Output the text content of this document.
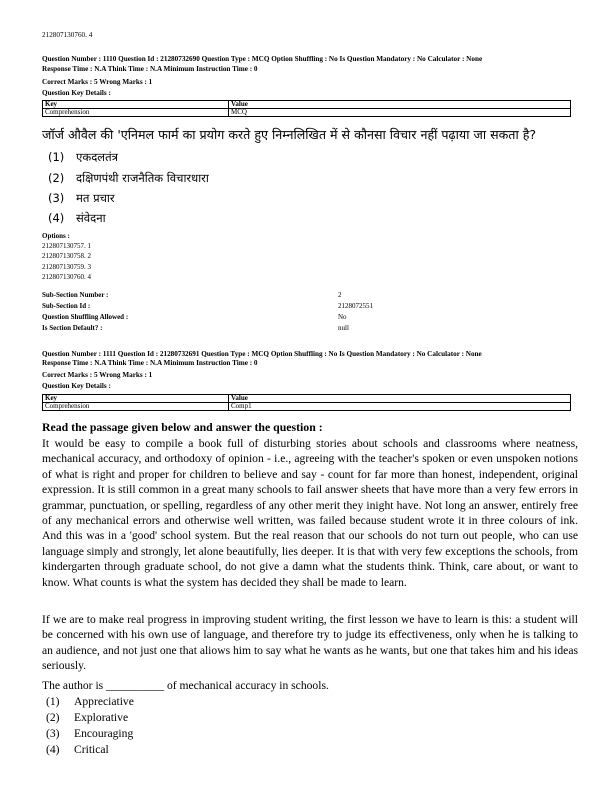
212807130760. 4
Question Number : 1110 Question Id : 21280732690 Question Type : MCQ Option Shuffling : No Is Question Mandatory : No Calculator : None
Response Time : N.A Think Time : N.A Minimum Instruction Time : 0
Correct Marks : 5 Wrong Marks : 1
Question Key Details :
Key	Value
Comprehension	MCQ
जॉर्ज औवैल की 'एनिमल फार्म का प्रयोग करते हुए निम्नलिखित में से कौनसा विचार नहीं पढ़ाया जा सकता है?
(1) एकदलतंत्र
(2) दक्षिणपंथी राजनैतिक विचारधारा
(3) मत प्रचार
(4) संवेदना
Options :
212807130757. 1
212807130758. 2
212807130759. 3
212807130760. 4
Sub-Section Number :	2
Sub-Section Id :	2128072551
Question Shuffling Allowed :	No
Is Section Default? :	null
Question Number : 1111 Question Id : 21280732691 Question Type : MCQ Option Shuffling : No Is Question Mandatory : No Calculator : None
Response Time : N.A Think Time : N.A Minimum Instruction Time : 0
Correct Marks : 5 Wrong Marks : 1
Question Key Details :
Key	Value
Comprehension	Comp1
Read the passage given below and answer the question :
It would be easy to compile a book full of disturbing stories about schools and classrooms where neatness, mechanical accuracy, and orthodoxy of opinion - i.e., agreeing with the teacher's spoken or even unspoken notions of what is right and proper for children to believe and say - count for far more than honest, independent, original expression. It is still common in a great many schools to fail answer sheets that have more than a very few errors in grammar, punctuation, or spelling, regardless of any other merit they inight have. Not long an answer, entirely free of any mechanical errors and otherwise well written, was failed because student wrote it in three colours of ink. And this was in a 'good' school system. But the real reason that our schools do not turn out people, who can use language simply and strongly, let alone beautifully, lies deeper. It is that with very few exceptions the schools, from kindergarten through graduate school, do not give a damn what the students think. Think, care about, or want to know. What counts is what the system has decided they shall be made to learn.
If we are to make real progress in improving student writing, the first lesson we have to learn is this: a student will be concerned with his own use of language, and therefore try to judge its effectiveness, only when he is talking to an audience, and not just one that aliows him to say what he wants as he wants, but one that takes him and his ideas seriously.
The author is __________ of mechanical accuracy in schools.
(1) Appreciative
(2) Explorative
(3) Encouraging
(4) Critical
